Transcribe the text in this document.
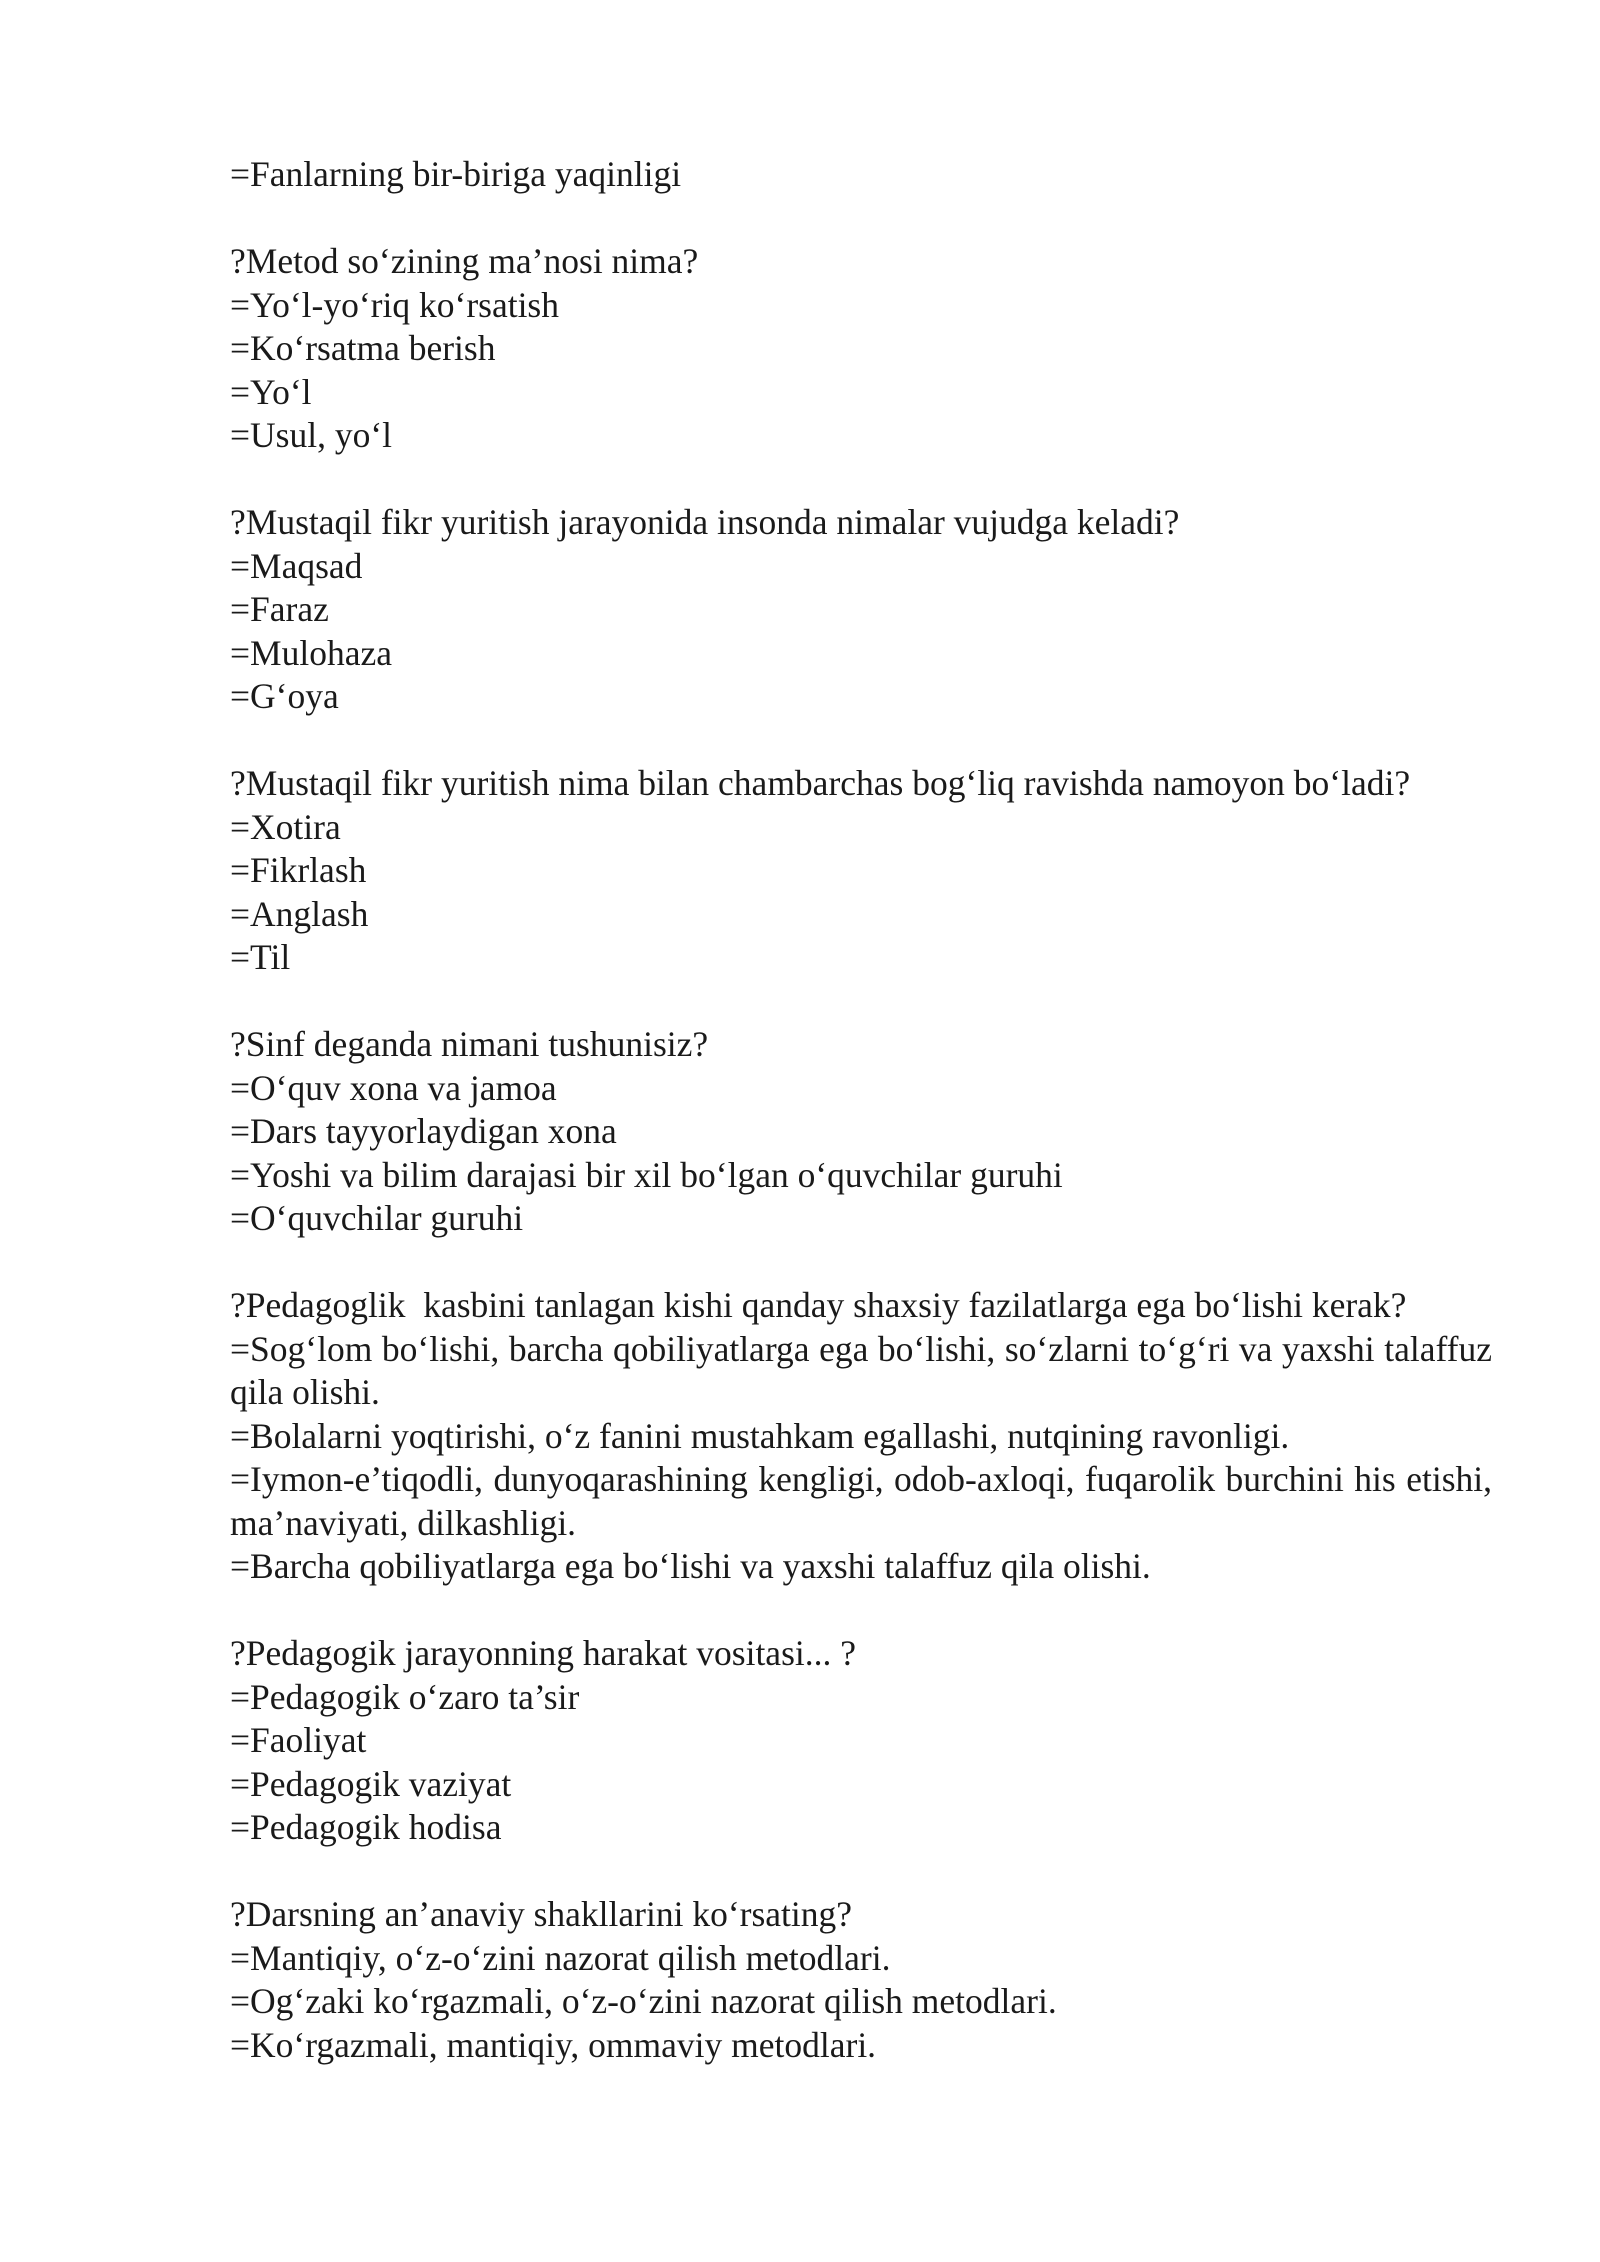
=Fanlarning bir-biriga yaqinligi

?Metod so‘zining ma’nosi nima?

=Yo‘l-yo‘riq ko‘rsatish

=Ko‘rsatma berish

=Yo‘l

=Usul, yo‘l

?Mustaqil fikr yuritish jarayonida insonda nimalar vujudga keladi?

=Maqsad

=Faraz

=Mulohaza

=G‘oya

?Mustaqil fikr yuritish nima bilan chambarchas bog‘liq ravishda namoyon bo‘ladi?

=Xotira

=Fikrlash

=Anglash

=Til

?Sinf deganda nimani tushunisiz?

=O‘quv xona va jamoa

=Dars tayyorlaydigan xona

=Yoshi va bilim darajasi bir xil bo‘lgan o‘quvchilar guruhi

=O‘quvchilar guruhi

?Pedagoglik  kasbini tanlagan kishi qanday shaxsiy fazilatlarga ega bo‘lishi kerak?

=Sog‘lom bo‘lishi, barcha qobiliyatlarga ega bo‘lishi, so‘zlarni to‘g‘ri va yaxshi talaffuz qila olishi.

=Bolalarni yoqtirishi, o‘z fanini mustahkam egallashi, nutqining ravonligi.

=Iymon-e’tiqodli, dunyoqarashining kengligi, odob-axloqi, fuqarolik burchini his etishi, ma’naviyati, dilkashligi.

=Barcha qobiliyatlarga ega bo‘lishi va yaxshi talaffuz qila olishi.

?Pedagogik jarayonning harakat vositasi... ?

=Pedagogik o‘zaro ta’sir

=Faoliyat

=Pedagogik vaziyat

=Pedagogik hodisa

?Darsning an’anaviy shakllarini ko‘rsating?

=Mantiqiy, o‘z-o‘zini nazorat qilish metodlari.

=Og‘zaki ko‘rgazmali, o‘z-o‘zini nazorat qilish metodlari.

=Ko‘rgazmali, mantiqiy, ommaviy metodlari.
